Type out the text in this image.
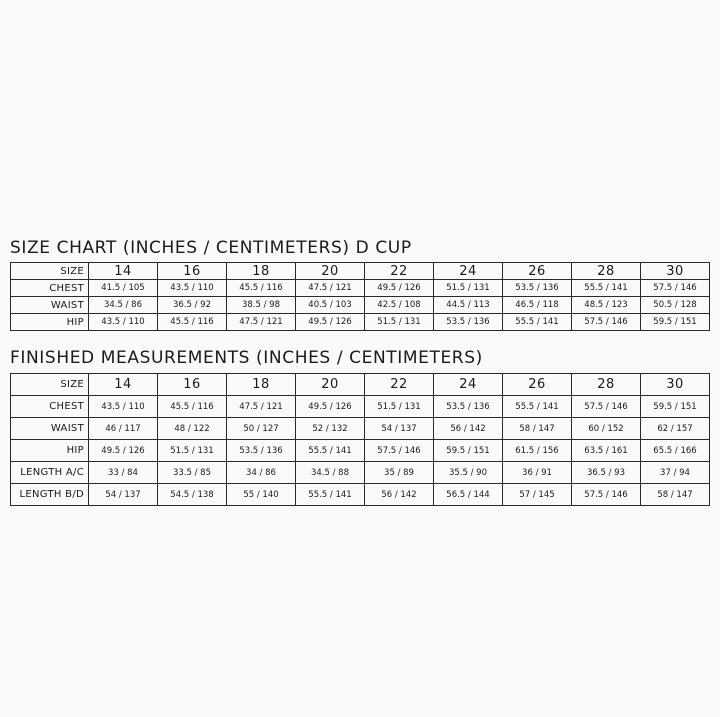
SIZE CHART (INCHES / CENTIMETERS) D CUP
SIZE	14	16	18	20	22	24	26	28	30
CHEST	41.5 / 105	43.5 / 110	45.5 / 116	47.5 / 121	49.5 / 126	51.5 / 131	53.5 / 136	55.5 / 141	57.5 / 146
WAIST	34.5 / 86	36.5 / 92	38.5 / 98	40.5 / 103	42.5 / 108	44.5 / 113	46.5 / 118	48.5 / 123	50.5 / 128
HIP	43.5 / 110	45.5 / 116	47.5 / 121	49.5 / 126	51.5 / 131	53.5 / 136	55.5 / 141	57.5 / 146	59.5 / 151
FINISHED MEASUREMENTS (INCHES / CENTIMETERS)
SIZE	14	16	18	20	22	24	26	28	30
CHEST	43.5 / 110	45.5 / 116	47.5 / 121	49.5 / 126	51.5 / 131	53.5 / 136	55.5 / 141	57.5 / 146	59.5 / 151
WAIST	46 / 117	48 / 122	50 / 127	52 / 132	54 / 137	56 / 142	58 / 147	60 / 152	62 / 157
HIP	49.5 / 126	51.5 / 131	53.5 / 136	55.5 / 141	57.5 / 146	59.5 / 151	61.5 / 156	63.5 / 161	65.5 / 166
LENGTH A/C	33 / 84	33.5 / 85	34 / 86	34.5 / 88	35 / 89	35.5 / 90	36 / 91	36.5 / 93	37 / 94
LENGTH B/D	54 / 137	54.5 / 138	55 / 140	55.5 / 141	56 / 142	56.5 / 144	57 / 145	57.5 / 146	58 / 147
